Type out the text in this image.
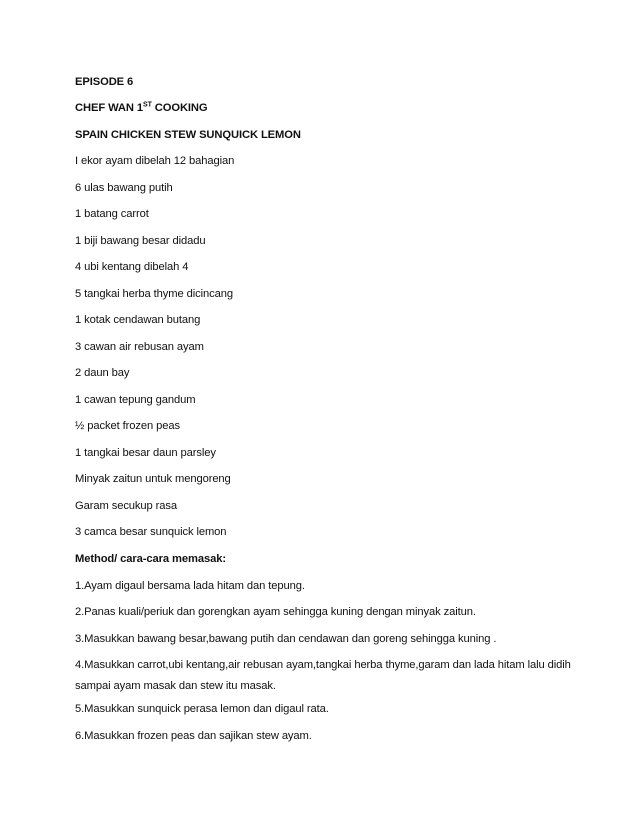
EPISODE 6
CHEF WAN 1ST COOKING
SPAIN CHICKEN STEW SUNQUICK LEMON
I ekor ayam dibelah 12 bahagian
6 ulas bawang putih
1 batang carrot
1 biji bawang besar didadu
4 ubi kentang dibelah 4
5 tangkai herba thyme dicincang
1 kotak cendawan butang
3 cawan air rebusan ayam
2 daun bay
1 cawan tepung gandum
½ packet frozen peas
1 tangkai besar daun parsley
Minyak zaitun untuk mengoreng
Garam secukup rasa
3 camca besar sunquick lemon
Method/ cara-cara memasak:
1.Ayam digaul bersama lada hitam dan tepung.
2.Panas kuali/periuk dan gorengkan ayam sehingga kuning dengan minyak zaitun.
3.Masukkan bawang besar,bawang putih dan cendawan dan goreng sehingga kuning .
4.Masukkan carrot,ubi kentang,air rebusan ayam,tangkai herba thyme,garam dan lada hitam lalu didih sampai ayam masak dan stew itu masak.
5.Masukkan sunquick perasa lemon dan digaul rata.
6.Masukkan frozen peas dan sajikan stew ayam.
